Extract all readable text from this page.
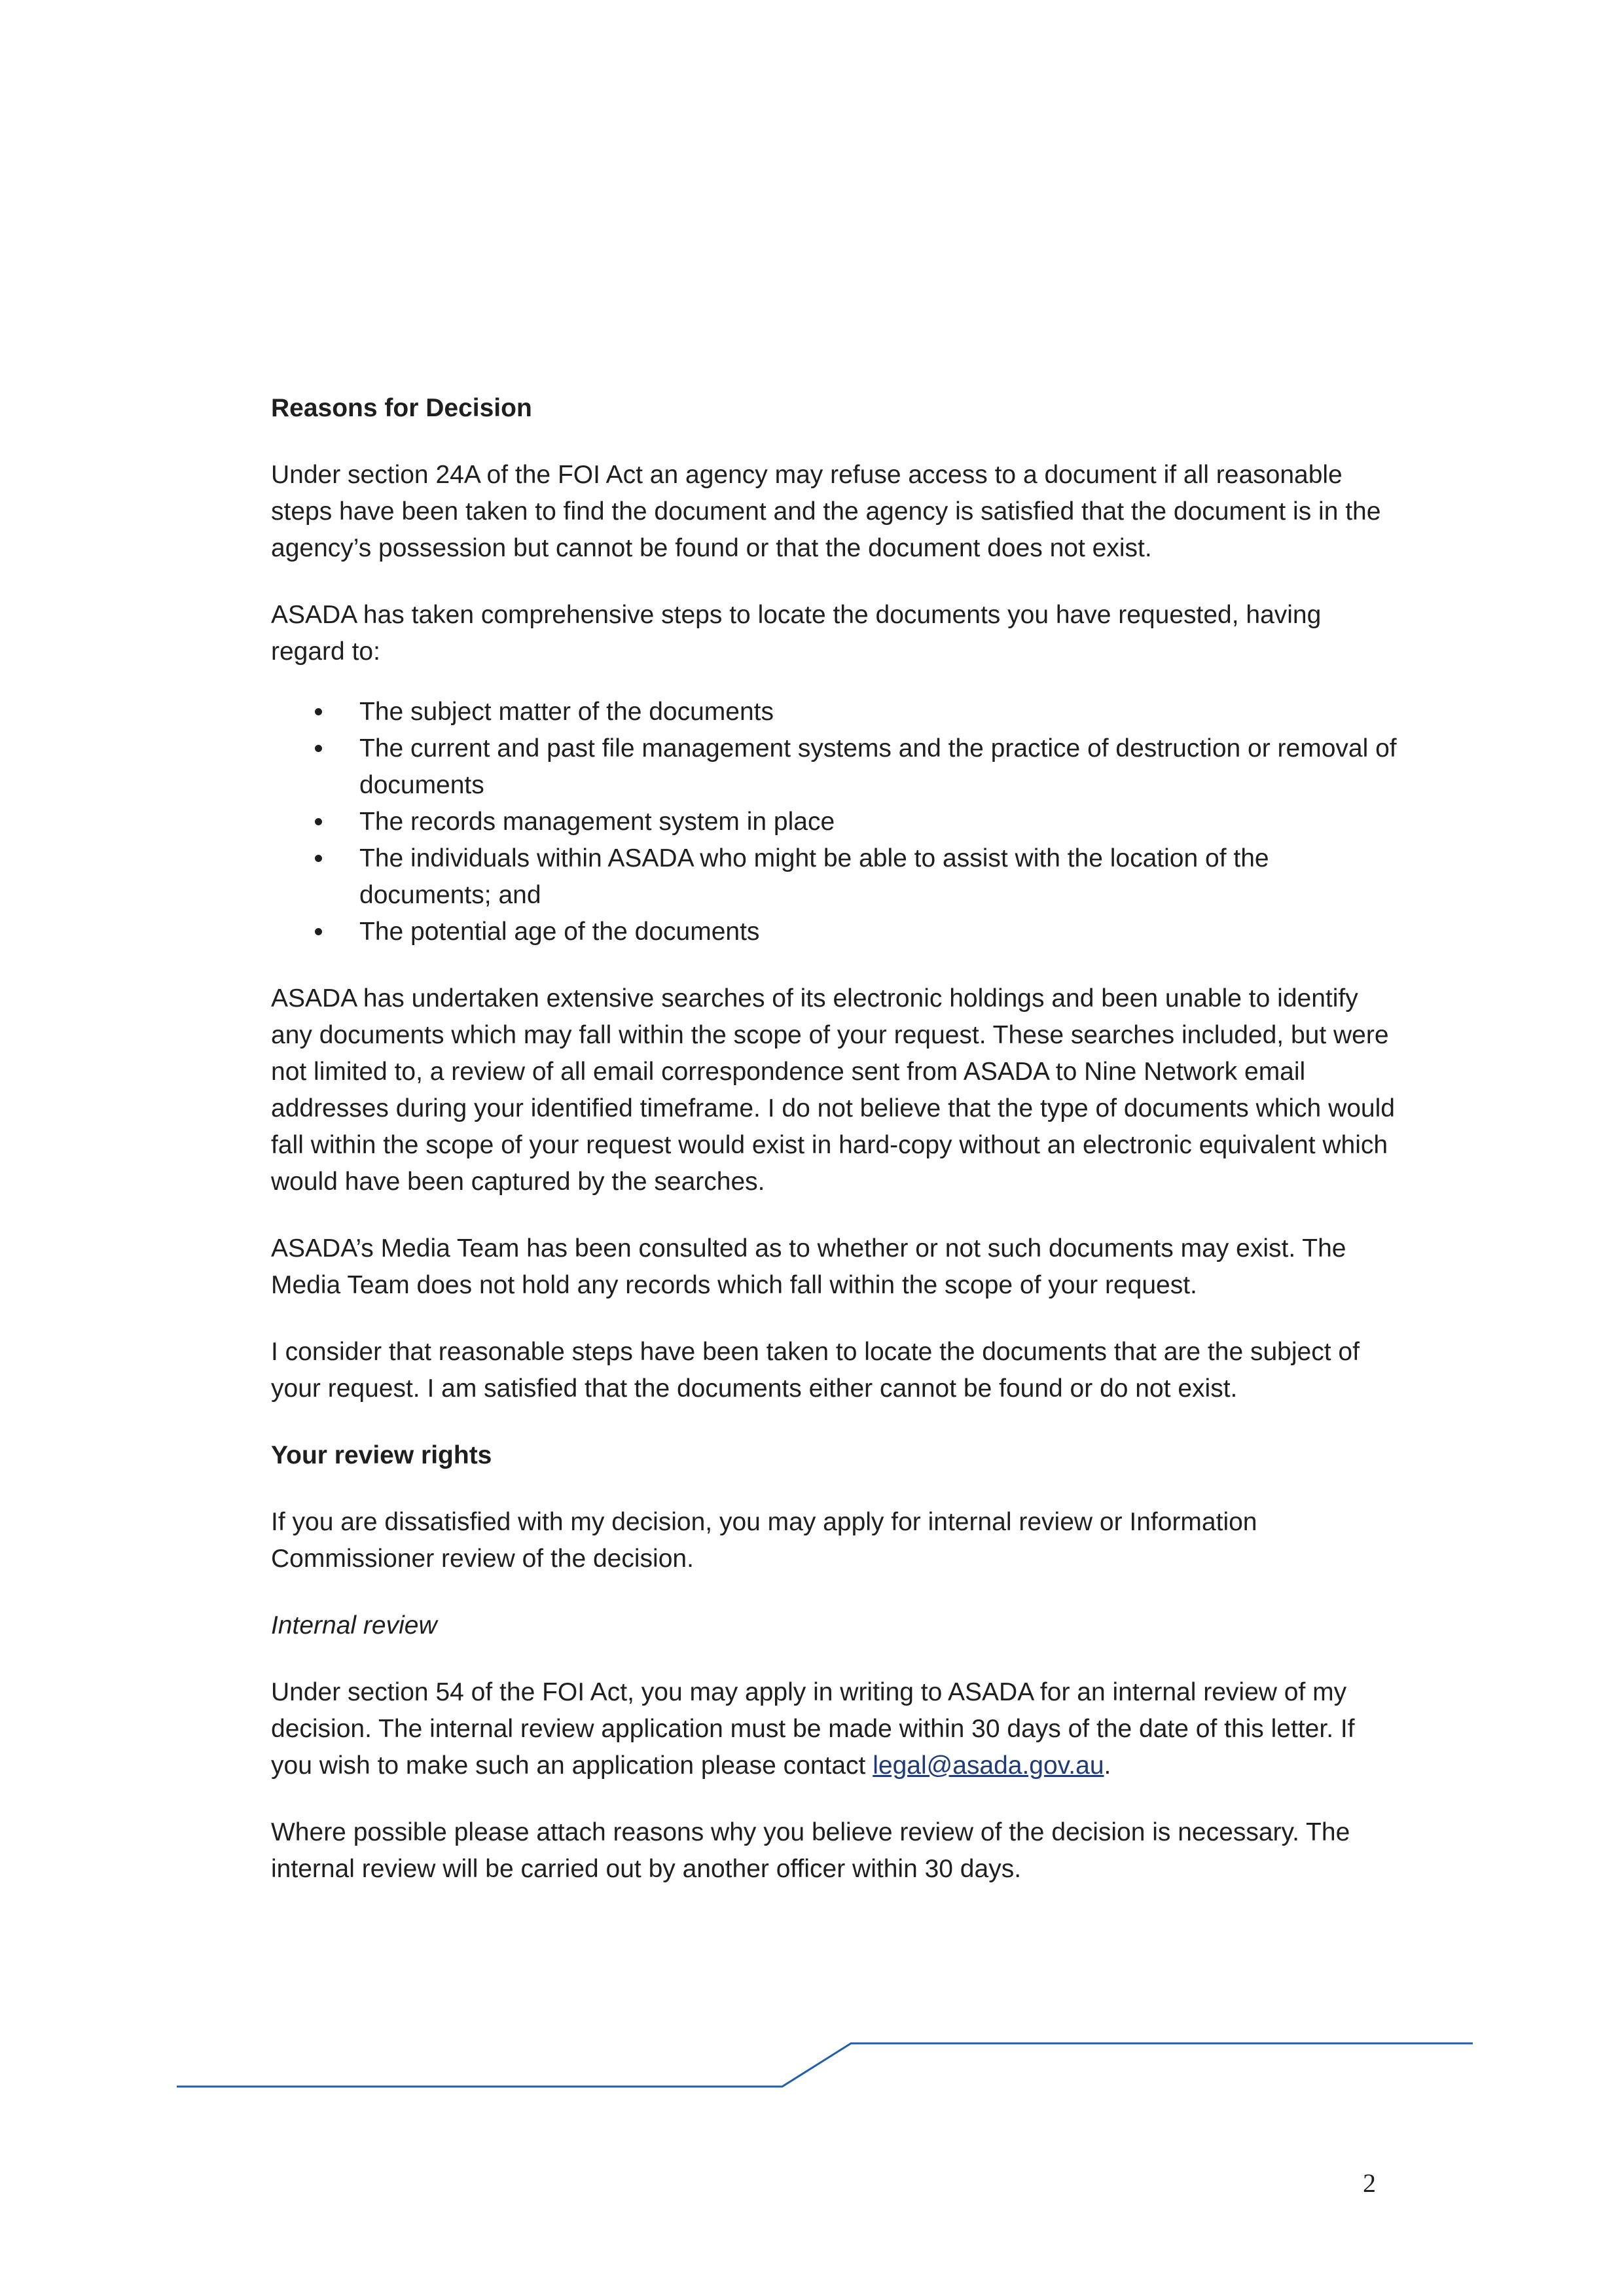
Reasons for Decision

Under section 24A of the FOI Act an agency may refuse access to a document if all reasonable steps have been taken to find the document and the agency is satisfied that the document is in the agency’s possession but cannot be found or that the document does not exist.

ASADA has taken comprehensive steps to locate the documents you have requested, having regard to:

The subject matter of the documents
The current and past file management systems and the practice of destruction or removal of documents
The records management system in place
The individuals within ASADA who might be able to assist with the location of the documents; and
The potential age of the documents

ASADA has undertaken extensive searches of its electronic holdings and been unable to identify any documents which may fall within the scope of your request. These searches included, but were not limited to, a review of all email correspondence sent from ASADA to Nine Network email addresses during your identified timeframe. I do not believe that the type of documents which would fall within the scope of your request would exist in hard-copy without an electronic equivalent which would have been captured by the searches.

ASADA’s Media Team has been consulted as to whether or not such documents may exist. The Media Team does not hold any records which fall within the scope of your request.

I consider that reasonable steps have been taken to locate the documents that are the subject of your request. I am satisfied that the documents either cannot be found or do not exist.

Your review rights

If you are dissatisfied with my decision, you may apply for internal review or Information Commissioner review of the decision.

Internal review

Under section 54 of the FOI Act, you may apply in writing to ASADA for an internal review of my decision. The internal review application must be made within 30 days of the date of this letter. If you wish to make such an application please contact legal@asada.gov.au.

Where possible please attach reasons why you believe review of the decision is necessary. The internal review will be carried out by another officer within 30 days.

2
